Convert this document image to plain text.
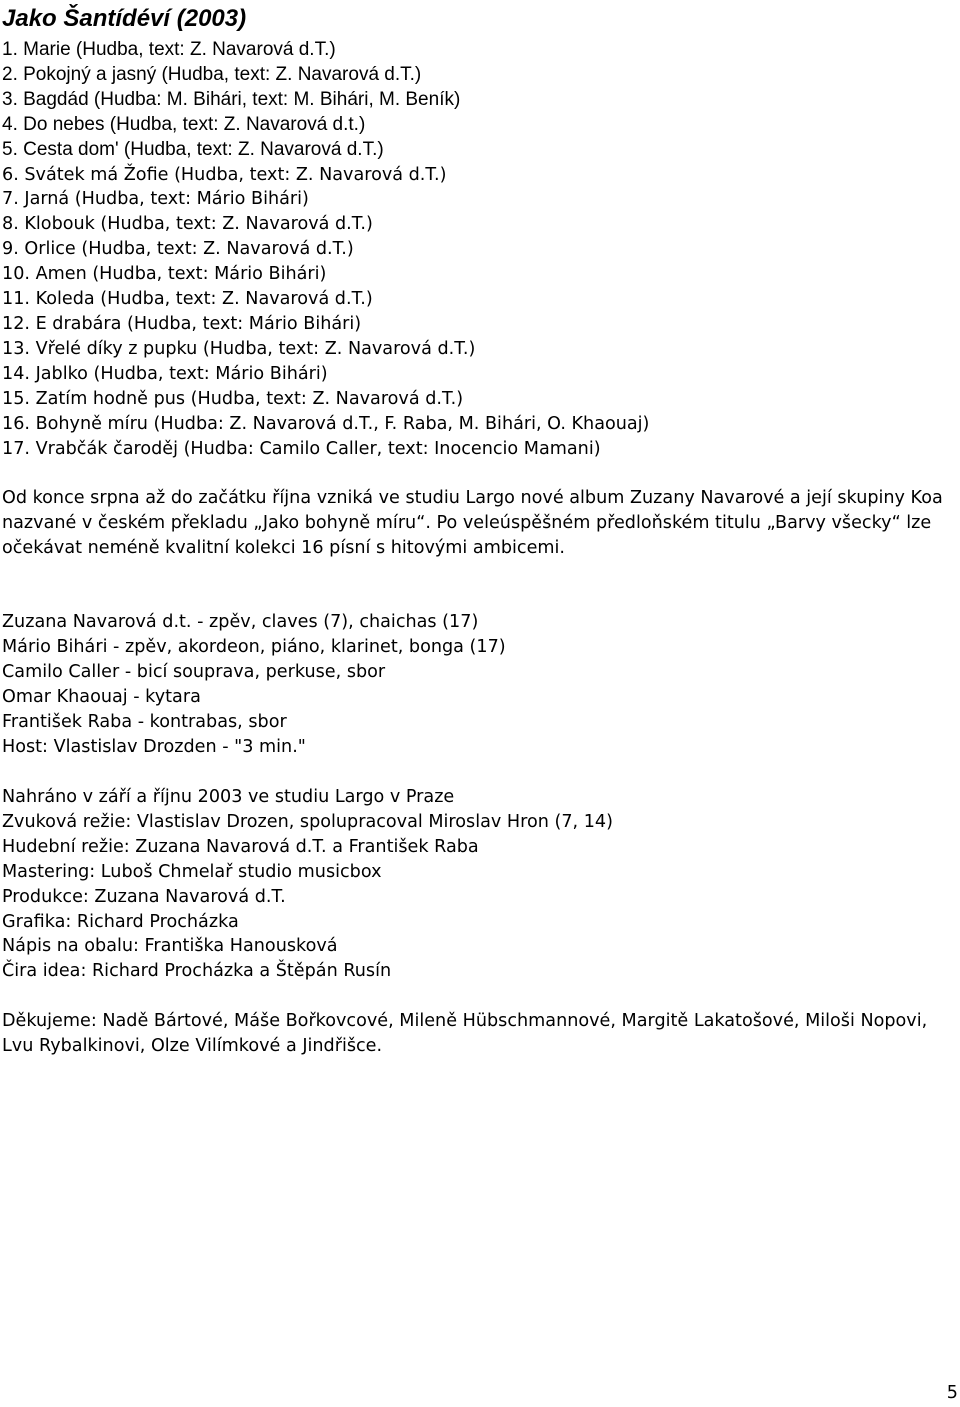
Jako Šantídéví (2003)
1. Marie (Hudba, text: Z. Navarová d.T.)
2. Pokojný a jasný (Hudba, text: Z. Navarová d.T.)
3. Bagdád (Hudba: M. Bihári, text: M. Bihári, M. Beník)
4. Do nebes (Hudba, text: Z. Navarová d.t.)
5. Cesta dom' (Hudba, text: Z. Navarová d.T.)
6. Svátek má Žofie (Hudba, text: Z. Navarová d.T.)
7. Jarná (Hudba, text: Mário Bihári)
8. Klobouk (Hudba, text: Z. Navarová d.T.)
9. Orlice (Hudba, text: Z. Navarová d.T.)
10. Amen (Hudba, text: Mário Bihári)
11. Koleda (Hudba, text: Z. Navarová d.T.)
12. E drabára (Hudba, text: Mário Bihári)
13. Vřelé díky z pupku (Hudba, text: Z. Navarová d.T.)
14. Jablko (Hudba, text: Mário Bihári)
15. Zatím hodně pus (Hudba, text: Z. Navarová d.T.)
16. Bohyně míru (Hudba: Z. Navarová d.T., F. Raba, M. Bihári, O. Khaouaj)
17. Vrabčák čaroděj (Hudba: Camilo Caller, text: Inocencio Mamani)

Od konce srpna až do začátku října vzniká ve studiu Largo nové album Zuzany Navarové a její skupiny Koa nazvané v českém překladu „Jako bohyně míru“. Po veleúspěšném předloňském titulu „Barvy všecky“ lze očekávat neméně kvalitní kolekci 16 písní s hitovými ambicemi.

Zuzana Navarová d.t. - zpěv, claves (7), chaichas (17)
Mário Bihári - zpěv, akordeon, piáno, klarinet, bonga (17)
Camilo Caller - bicí souprava, perkuse, sbor
Omar Khaouaj - kytara
František Raba - kontrabas, sbor
Host: Vlastislav Drozden - "3 min."
Nahráno v září a říjnu 2003 ve studiu Largo v Praze
Zvuková režie: Vlastislav Drozen, spolupracoval Miroslav Hron (7, 14)
Hudební režie: Zuzana Navarová d.T. a František Raba
Mastering: Luboš Chmelař studio musicbox
Produkce: Zuzana Navarová d.T.
Grafika: Richard Procházka
Nápis na obalu: Františka Hanousková
Čira idea: Richard Procházka a Štěpán Rusín

Děkujeme: Nadě Bártové, Máše Bořkovcové, Mileně Hübschmannové, Margitě Lakatošové, Miloši Nopovi, Lvu Rybalkinovi, Olze Vilímkové a Jindřišce.

5
